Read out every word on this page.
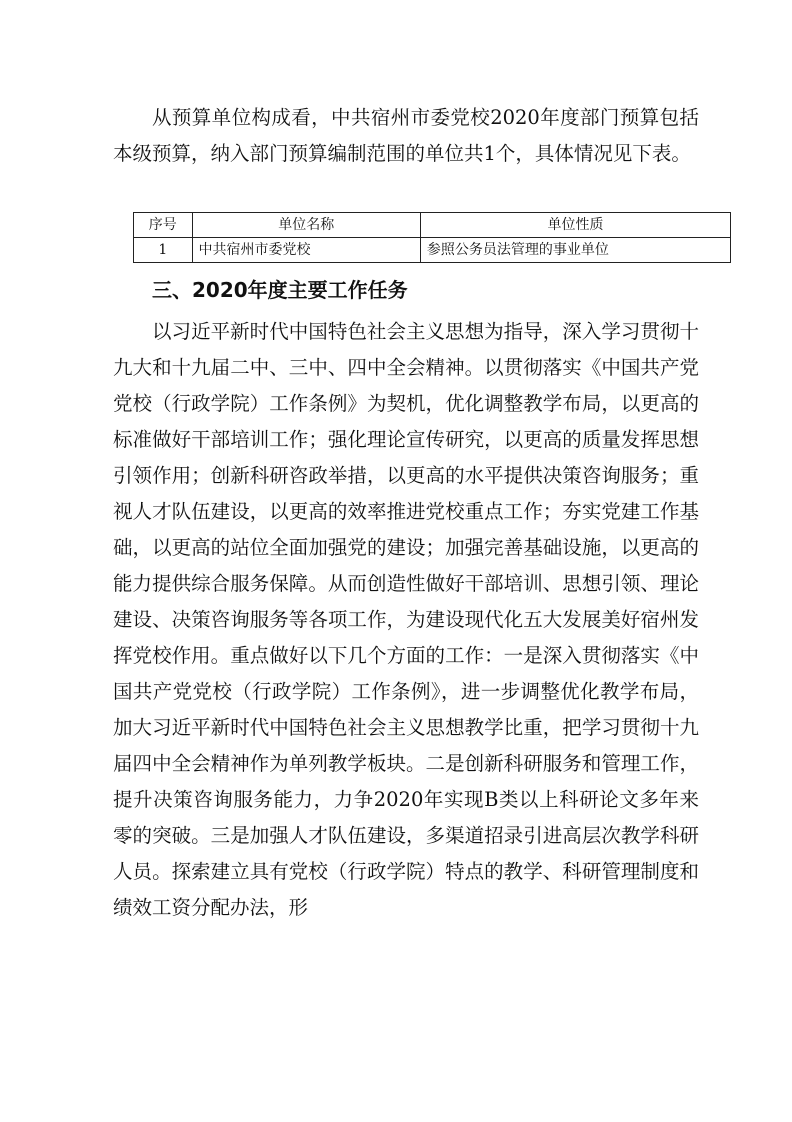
从预算单位构成看，中共宿州市委党校2020年度部门预算包括本级预算，纳入部门预算编制范围的单位共1个，具体情况见下表。

序号	单位名称	单位性质
1	中共宿州市委党校	参照公务员法管理的事业单位
三、2020年度主要工作任务

以习近平新时代中国特色社会主义思想为指导，深入学习贯彻十九大和十九届二中、三中、四中全会精神。以贯彻落实《中国共产党党校（行政学院）工作条例》为契机，优化调整教学布局，以更高的标准做好干部培训工作；强化理论宣传研究，以更高的质量发挥思想引领作用；创新科研咨政举措，以更高的水平提供决策咨询服务；重视人才队伍建设，以更高的效率推进党校重点工作；夯实党建工作基础，以更高的站位全面加强党的建设；加强完善基础设施，以更高的能力提供综合服务保障。从而创造性做好干部培训、思想引领、理论建设、决策咨询服务等各项工作，为建设现代化五大发展美好宿州发挥党校作用。重点做好以下几个方面的工作：一是深入贯彻落实《中国共产党党校（行政学院）工作条例》，进一步调整优化教学布局，加大习近平新时代中国特色社会主义思想教学比重，把学习贯彻十九届四中全会精神作为单列教学板块。二是创新科研服务和管理工作，提升决策咨询服务能力，力争2020年实现B类以上科研论文多年来零的突破。三是加强人才队伍建设，多渠道招录引进高层次教学科研人员。探索建立具有党校（行政学院）特点的教学、科研管理制度和绩效工资分配办法，形
